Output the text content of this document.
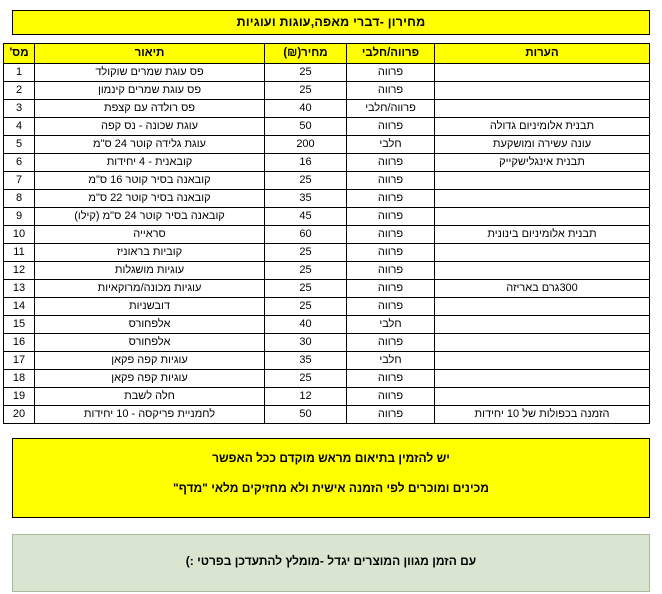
מחירון -דברי מאפה,עוגות ועוגיות
הערות	פרווה/חלבי	מחיר(₪)	תיאור	מס'
	פרווה	25	פס עוגת שמרים שוקולד	1
	פרווה	25	פס עוגת שמרים קינמון	2
	פרווה/חלבי	40	פס רולדה עם קצפת	3
תבנית אלומיניום גדולה	פרווה	50	עוגת שכונה - נס קפה	4
עונה עשירה ומושקעת	חלבי	200	עוגת גלידה קוטר 24 ס"מ	5
תבנית אינגלישקייק	פרווה	16	קובאנית - 4 יחידות	6
	פרווה	25	קובאנה בסיר קוטר 16 ס"מ	7
	פרווה	35	קובאנה בסיר קוטר 22 ס"מ	8
	פרווה	45	קובאנה בסיר קוטר 24 ס"מ (קילו)	9
תבנית אלומיניום בינונית	פרווה	60	סראייה	10
	פרווה	25	קוביות בראוניז	11
	פרווה	25	עוגיות מושגלות	12
300גרם באריזה	פרווה	25	עוגיות מכונה/מרוקאיות	13
	פרווה	25	דובשניות	14
	חלבי	40	אלפחורס	15
	פרווה	30	אלפחורס	16
	חלבי	35	עוגיות קפה פקאן	17
	פרווה	25	עוגיות קפה פקאן	18
	פרווה	12	חלה לשבת	19
הזמנה בכפולות של 10 יחידות	פרווה	50	לחמניית פריקסה - 10 יחידות	20
יש להזמין בתיאום מראש מוקדם ככל האפשר
מכינים ומוכרים לפי הזמנה אישית ולא מחזיקים מלאי "מדף"
עם הזמן מגוון המוצרים יגדל -מומלץ להתעדכן בפרטי :)
